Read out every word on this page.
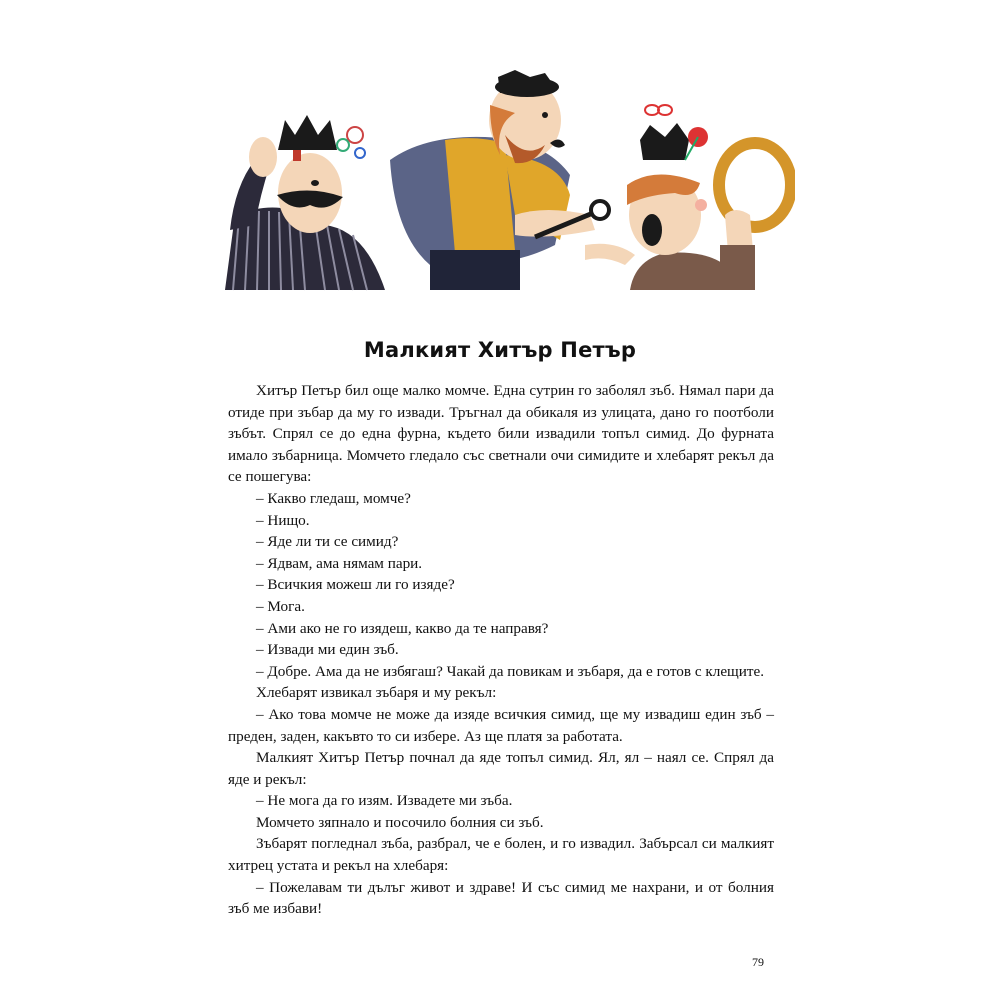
Малкият Хитър Петър

Хитър Петър бил още малко момче. Една сутрин го заболял зъб. Нямал пари да отиде при зъбар да му го извади. Тръгнал да обикаля из улицата, дано го поотболи зъбът. Спрял се до една фурна, където били извадили топъл симид. До фурната имало зъбарница. Момчето гледало със светнали очи симидите и хлебарят рекъл да се пошегува:

– Какво гледаш, момче?

– Нищо.

– Яде ли ти се симид?

– Ядвам, ама нямам пари.

– Всичкия можеш ли го изяде?

– Мога.

– Ами ако не го изядеш, какво да те направя?

– Извади ми един зъб.

– Добре. Ама да не избягаш? Чакай да повикам и зъбаря, да е готов с клещите.

Хлебарят извикал зъбаря и му рекъл:

– Ако това момче не може да изяде всичкия симид, ще му извадиш един зъб – преден, заден, какъвто то си избере. Аз ще платя за работата.

Малкият Хитър Петър почнал да яде топъл симид. Ял, ял – наял се. Спрял да яде и рекъл:

– Не мога да го изям. Извадете ми зъба.

Момчето зяпнало и посочило болния си зъб.

Зъбарят погледнал зъба, разбрал, че е болен, и го извадил. Забърсал си малкият хитрец устата и рекъл на хлебаря:

– Пожелавам ти дълъг живот и здраве! И със симид ме нахрани, и от болния зъб ме избави!

79
